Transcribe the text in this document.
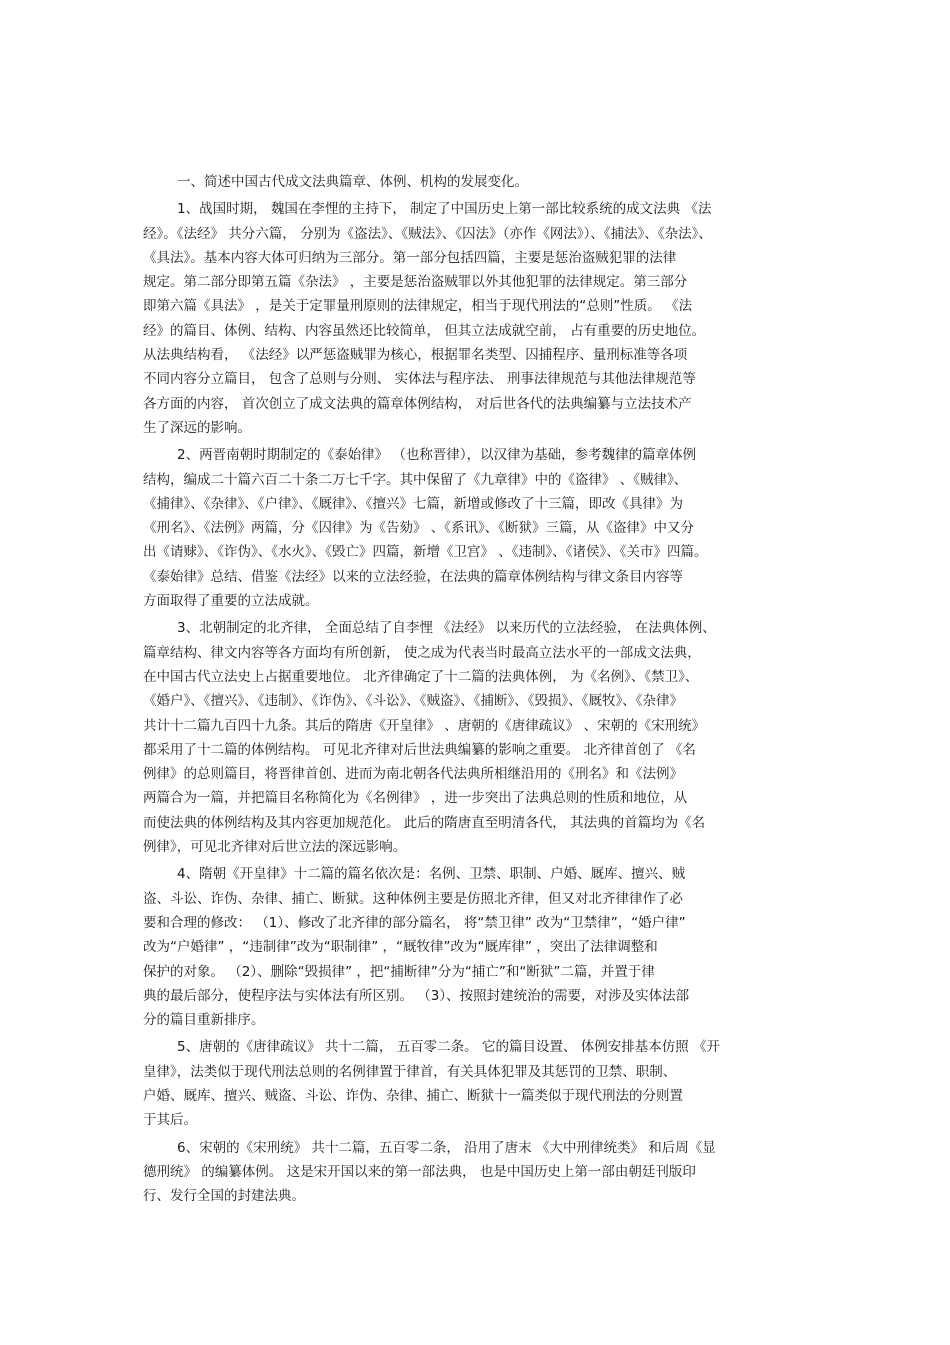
一、简述中国古代成文法典篇章、体例、机构的发展变化。
1、战国时期， 魏国在李悝的主持下， 制定了中国历史上第一部比较系统的成文法典 《法
经》。《法经》 共分六篇， 分别为《盗法》、《贼法》、《囚法》（亦作《网法》）、《捕法》、《杂法》、
《具法》。基本内容大体可归纳为三部分。第一部分包括四篇，主要是惩治盗贼犯罪的法律
规定。第二部分即第五篇《杂法》 ，主要是惩治盗贼罪以外其他犯罪的法律规定。第三部分
即第六篇《具法》 ，是关于定罪量刑原则的法律规定，相当于现代刑法的“总则”性质。 《法
经》的篇目、体例、结构、内容虽然还比较简单， 但其立法成就空前， 占有重要的历史地位。
从法典结构看， 《法经》以严惩盗贼罪为核心，根据罪名类型、囚捕程序、量刑标准等各项
不同内容分立篇目， 包含了总则与分则、 实体法与程序法、 刑事法律规范与其他法律规范等
各方面的内容， 首次创立了成文法典的篇章体例结构， 对后世各代的法典编纂与立法技术产
生了深远的影响。
2、两晋南朝时期制定的《泰始律》 （也称晋律），以汉律为基础，参考魏律的篇章体例
结构，编成二十篇六百二十条二万七千字。其中保留了《九章律》中的《盗律》 、《贼律》、
《捕律》、《杂律》、《户律》、《厩律》、《擅兴》七篇，新增或修改了十三篇，即改《具律》为
《刑名》、《法例》两篇，分《囚律》为《告劾》 、《系讯》、《断狱》三篇，从《盗律》中又分
出《请赇》、《诈伪》、《水火》、《毁亡》四篇，新增《卫宫》 、《违制》、《诸侯》、《关市》四篇。
《泰始律》总结、借鉴《法经》以来的立法经验，在法典的篇章体例结构与律文条目内容等
方面取得了重要的立法成就。
3、北朝制定的北齐律， 全面总结了自李悝 《法经》 以来历代的立法经验， 在法典体例、
篇章结构、律文内容等各方面均有所创新， 使之成为代表当时最高立法水平的一部成文法典，
在中国古代立法史上占据重要地位。 北齐律确定了十二篇的法典体例， 为《名例》、《禁卫》、
《婚户》、《擅兴》、《违制》、《诈伪》、《斗讼》、《贼盗》、《捕断》、《毁损》、《厩牧》、《杂律》
共计十二篇九百四十九条。其后的隋唐《开皇律》 、唐朝的《唐律疏议》 、宋朝的《宋刑统》
都采用了十二篇的体例结构。 可见北齐律对后世法典编纂的影响之重要。 北齐律首创了 《名
例律》的总则篇目，将晋律首创、进而为南北朝各代法典所相继沿用的《刑名》和《法例》
两篇合为一篇，并把篇目名称简化为《名例律》 ，进一步突出了法典总则的性质和地位，从
而使法典的体例结构及其内容更加规范化。 此后的隋唐直至明清各代， 其法典的首篇均为《名
例律》，可见北齐律对后世立法的深远影响。
4、隋朝《开皇律》十二篇的篇名依次是：名例、卫禁、职制、户婚、厩库、擅兴、贼
盗、斗讼、诈伪、杂律、捕亡、断狱。这种体例主要是仿照北齐律，但又对北齐律律作了必
要和合理的修改： （1）、修改了北齐律的部分篇名， 将“禁卫律” 改为“卫禁律”，“婚户律”
改为“户婚律” ，“违制律”改为“职制律” ，“厩牧律”改为“厩库律” ，突出了法律调整和
保护的对象。 （2）、删除“毁损律” ，把“捕断律”分为“捕亡”和“断狱”二篇，并置于律
典的最后部分，使程序法与实体法有所区别。 （3）、按照封建统治的需要，对涉及实体法部
分的篇目重新排序。
5、唐朝的《唐律疏议》 共十二篇， 五百零二条。 它的篇目设置、 体例安排基本仿照 《开
皇律》，法类似于现代刑法总则的名例律置于律首，有关具体犯罪及其惩罚的卫禁、职制、
户婚、厩库、擅兴、贼盗、斗讼、诈伪、杂律、捕亡、断狱十一篇类似于现代刑法的分则置
于其后。
6、宋朝的《宋刑统》 共十二篇，五百零二条， 沿用了唐末 《大中刑律统类》 和后周《显
德刑统》 的编纂体例。 这是宋开国以来的第一部法典， 也是中国历史上第一部由朝廷刊版印
行、发行全国的封建法典。
